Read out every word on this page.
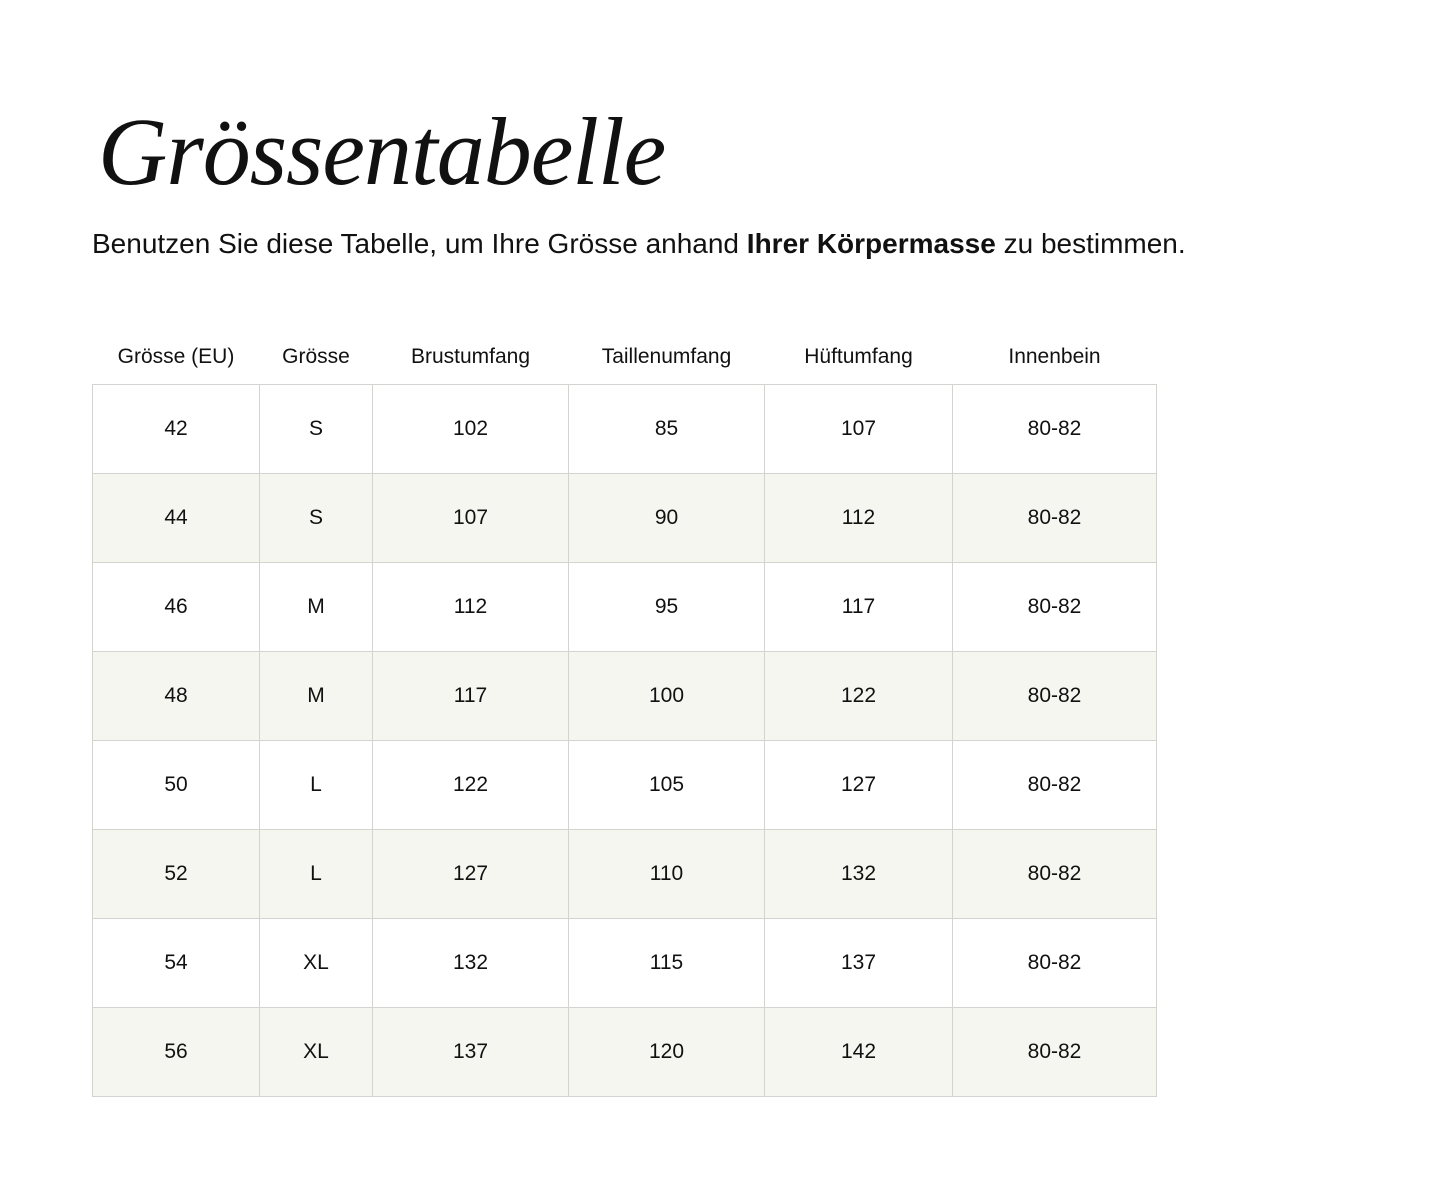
Grössentabelle

Benutzen Sie diese Tabelle, um Ihre Grösse anhand Ihrer Körpermasse zu bestimmen.

Grösse (EU)	Grösse	Brustumfang	Taillenumfang	Hüftumfang	Innenbein
42	S	102	85	107	80-82
44	S	107	90	112	80-82
46	M	112	95	117	80-82
48	M	117	100	122	80-82
50	L	122	105	127	80-82
52	L	127	110	132	80-82
54	XL	132	115	137	80-82
56	XL	137	120	142	80-82
